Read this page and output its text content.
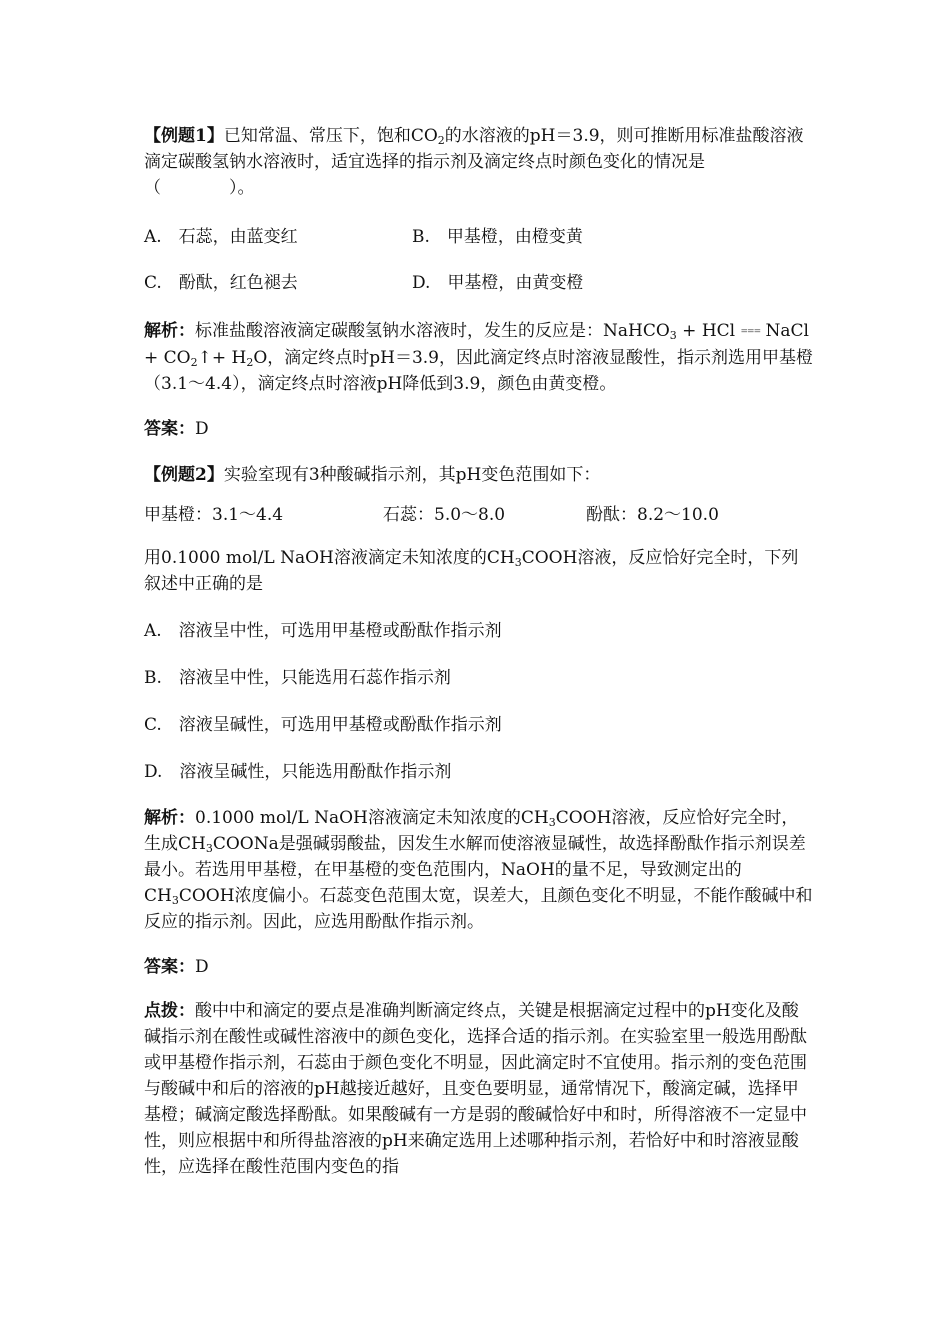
【例题1】已知常温、常压下，饱和$CO_2$的水溶液的pH＝3.9，则可推断用标准盐酸溶液滴定碳酸氢钠水溶液时，适宜选择的指示剂及滴定终点时颜色变化的情况是（　　　　）。

A.　石蕊，由蓝变红	B.　甲基橙，由橙变黄
C.　酚酞，红色褪去	D.　甲基橙，由黄变橙

解析：标准盐酸溶液滴定碳酸氢钠水溶液时，发生的反应是：NaHCO$_3$ + HCl === NaCl + $CO_2↑+ H_2O$，滴定终点时pH＝3.9，因此滴定终点时溶液显酸性，指示剂选用甲基橙（3.1～4.4），滴定终点时溶液pH降低到3.9，颜色由黄变橙。

答案：D
【例题2】实验室现有3种酸碱指示剂，其pH变色范围如下：
甲基橙：3.1～4.4	石蕊：5.0～8.0	酚酞：8.2～10.0

用0.1000 mol/L NaOH溶液滴定未知浓度的$CH_3COOH$溶液，反应恰好完全时，下列叙述中正确的是

A.　溶液呈中性，可选用甲基橙或酚酞作指示剂
B.　溶液呈中性，只能选用石蕊作指示剂
C.　溶液呈碱性，可选用甲基橙或酚酞作指示剂
D.　溶液呈碱性，只能选用酚酞作指示剂

解析：0.1000 mol/L NaOH溶液滴定未知浓度的$CH_3COOH$溶液，反应恰好完全时，生成$CH_3COONa$是强碱弱酸盐，因发生水解而使溶液显碱性，故选择酚酞作指示剂误差最小。若选用甲基橙，在甲基橙的变色范围内，NaOH的量不足，导致测定出的$CH_3COOH$浓度偏小。石蕊变色范围太宽，误差大，且颜色变化不明显，不能作酸碱中和反应的指示剂。因此，应选用酚酞作指示剂。

答案：D

点拨：酸中中和滴定的要点是准确判断滴定终点，关键是根据滴定过程中的pH变化及酸碱指示剂在酸性或碱性溶液中的颜色变化，选择合适的指示剂。在实验室里一般选用酚酞或甲基橙作指示剂，石蕊由于颜色变化不明显，因此滴定时不宜使用。指示剂的变色范围与酸碱中和后的溶液的pH越接近越好，且变色要明显，通常情况下，酸滴定碱，选择甲基橙；碱滴定酸选择酚酞。如果酸碱有一方是弱的酸碱恰好中和时，所得溶液不一定显中性，则应根据中和所得盐溶液的pH来确定选用上述哪种指示剂，若恰好中和时溶液显酸性，应选择在酸性范围内变色的指
